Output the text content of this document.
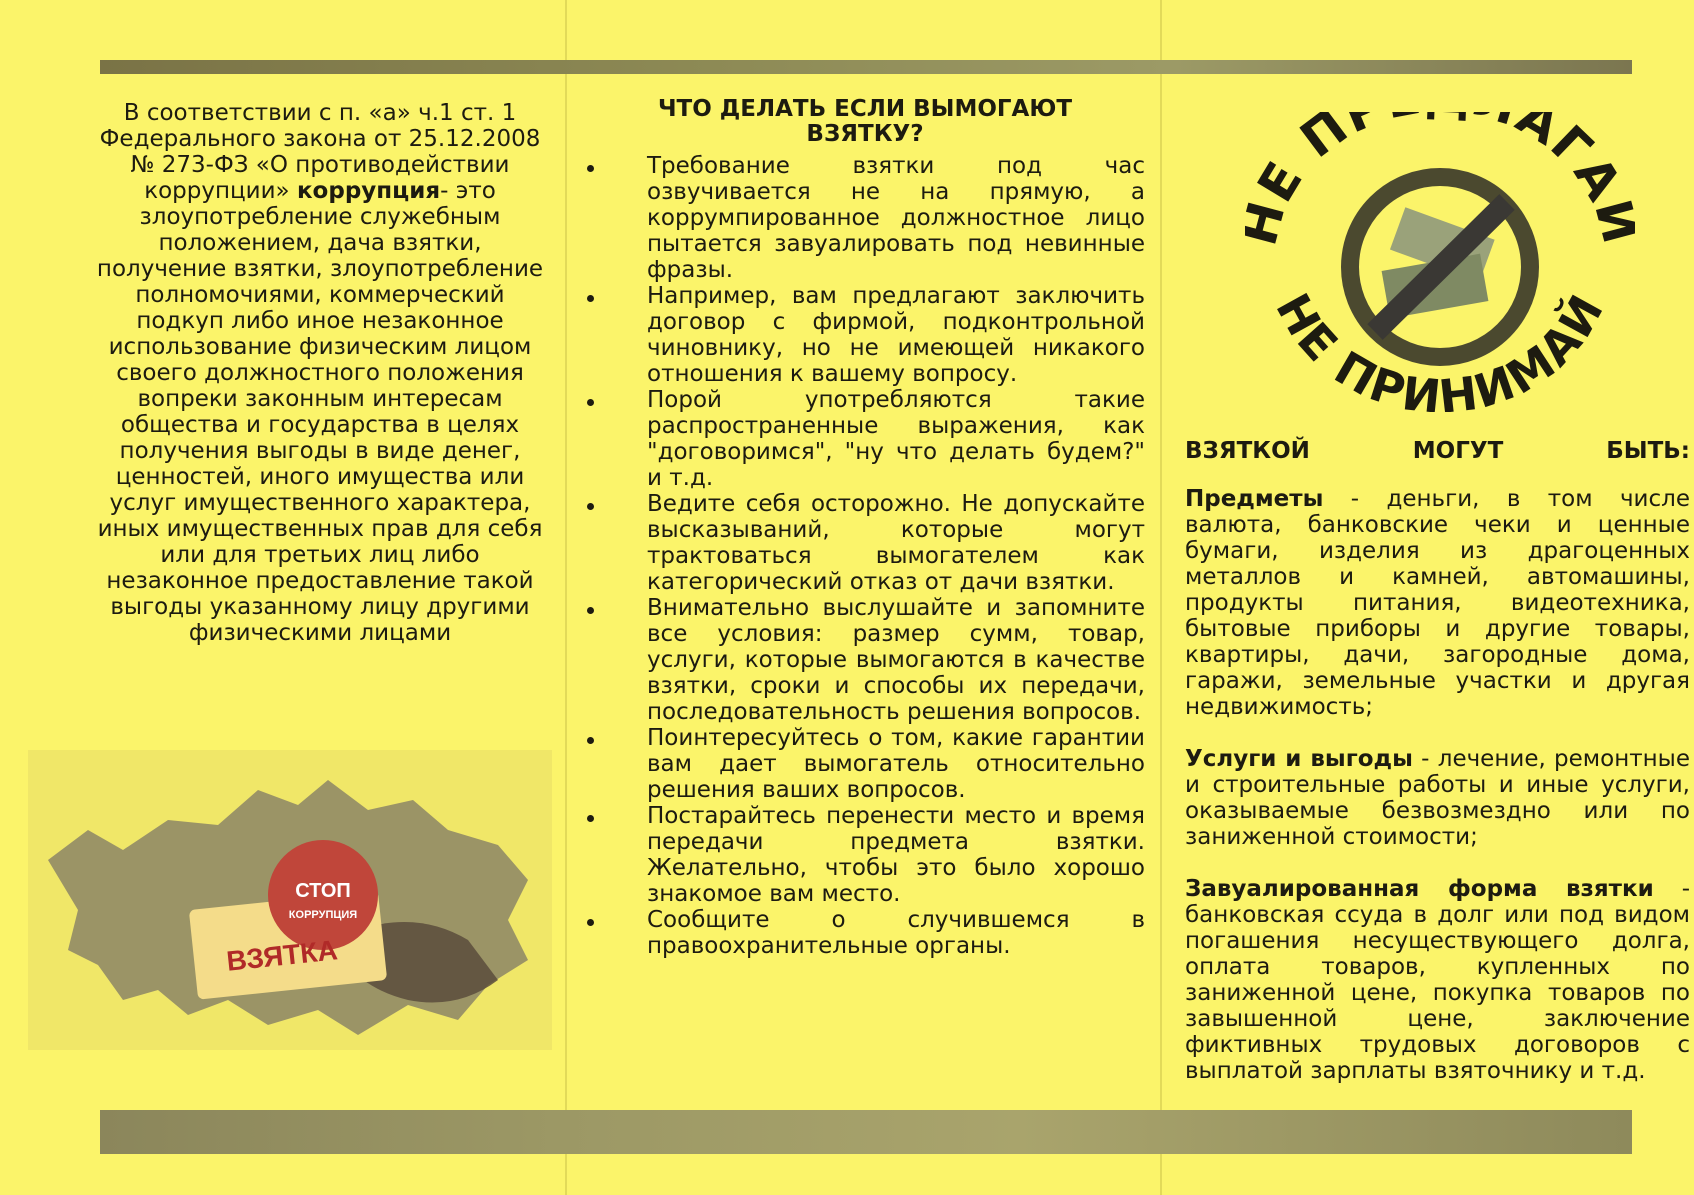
В соответствии с п. «а» ч.1 ст. 1 Федерального закона от 25.12.2008 № 273-ФЗ «О противодействии коррупции» коррупция- это злоупотребление служебным положением, дача взятки, получение взятки, злоупотребление полномочиями, коммерческий подкуп либо иное незаконное использование физическим лицом своего должностного положения вопреки законным интересам общества и государства в целях получения выгоды в виде денег, ценностей, иного имущества или услуг имущественного характера, иных имущественных прав для себя или для третьих лиц либо незаконное предоставление такой выгоды указанному лицу другими физическими лицами
СТОП
КОРРУПЦИЯ
ВЗЯТКА
ЧТО ДЕЛАТЬ ЕСЛИ ВЫМОГАЮТ ВЗЯТКУ?
Требование взятки под час озвучивается не на прямую, а коррумпированное должностное лицо пытается завуалировать под невинные фразы.
Например, вам предлагают заключить договор с фирмой, подконтрольной чиновнику, но не имеющей никакого отношения к вашему вопросу.
Порой употребляются такие распространенные выражения, как "договоримся", "ну что делать будем?" и т.д.
Ведите себя осторожно. Не допускайте высказываний, которые могут трактоваться вымогателем как категорический отказ от дачи взятки.
Внимательно выслушайте и запомните все условия: размер сумм, товар, услуги, которые вымогаются в качестве взятки, сроки и способы их передачи, последовательность решения вопросов.
Поинтересуйтесь о том, какие гарантии вам дает вымогатель относительно решения ваших вопросов.
Постарайтесь перенести место и время передачи предмета взятки. Желательно, чтобы это было хорошо знакомое вам место.
Сообщите о случившемся в правоохранительные органы.
Е П АГА
НЕ ПРИНИМАЙ
ВЗЯТКОЙ	МОГУТ	БЫТЬ:

Предметы - деньги, в том числе валюта, банковские чеки и ценные бумаги, изделия из драгоценных металлов и камней, автомашины, продукты питания, видеотехника, бытовые приборы и другие товары, квартиры, дачи, загородные дома, гаражи, земельные участки и другая недвижимость;

Услуги и выгоды - лечение, ремонтные и строительные работы и иные услуги, оказываемые безвозмездно или по заниженной стоимости;

Завуалированная форма взятки - банковская ссуда в долг или под видом погашения несуществующего долга, оплата товаров, купленных по заниженной цене, покупка товаров по завышенной цене, заключение фиктивных трудовых договоров с выплатой зарплаты взяточнику и т.д.
